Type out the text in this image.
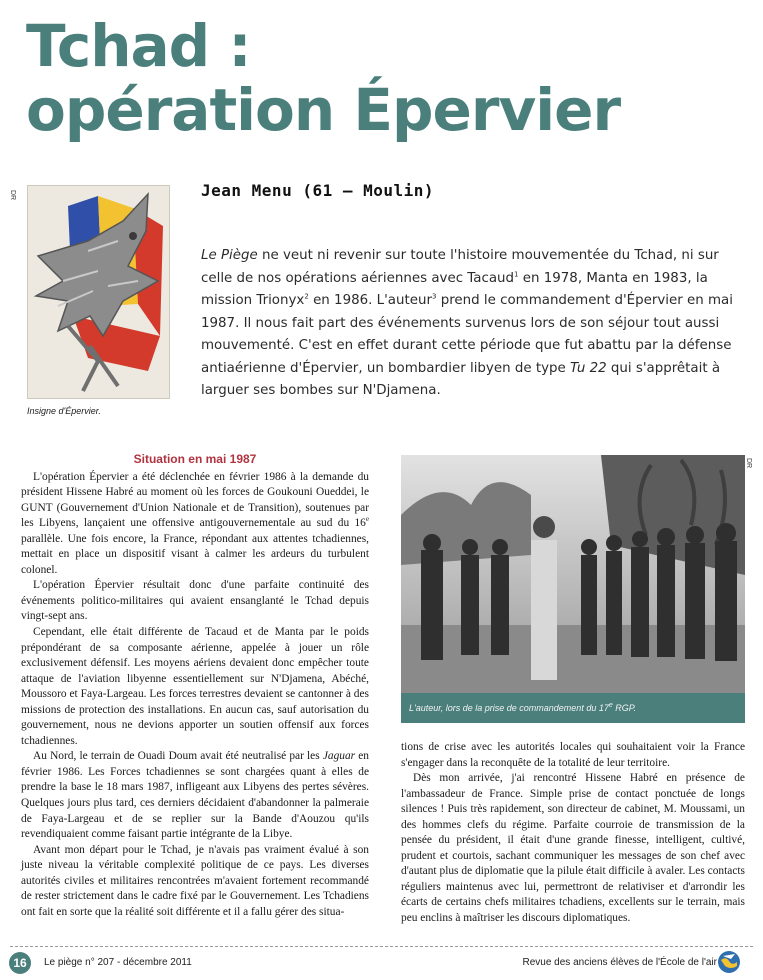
Tchad :
opération Épervier
DR
Insigne d'Épervier.
Jean Menu (61 – Moulin)

Le Piège ne veut ni revenir sur toute l'histoire mouvementée du Tchad, ni sur celle de nos opérations aériennes avec Tacaud$^1$ en 1978, Manta en 1983, la mission Trionyx$^2$ en 1986. L'auteur$^3$ prend le commandement d'Épervier en mai 1987. Il nous fait part des événements survenus lors de son séjour tout aussi mouvementé. C'est en effet durant cette période que fut abattu par la défense antiaérienne d'Épervier, un bombardier libyen de type Tu 22 qui s'apprêtait à larguer ses bombes sur N'Djamena.

Situation en mai 1987

L'opération Épervier a été déclenchée en février 1986 à la demande du président Hissene Habré au moment où les forces de Goukouni Oueddei, le GUNT (Gouvernement d'Union Nationale et de Transition), soutenues par les Libyens, lançaient une offensive antigouvernementale au sud du 16e parallèle. Une fois encore, la France, répondant aux attentes tchadiennes, mettait en place un dispositif visant à calmer les ardeurs du turbulent colonel.

L'opération Épervier résultait donc d'une parfaite continuité des événements politico-militaires qui avaient ensanglanté le Tchad depuis vingt-sept ans.

Cependant, elle était différente de Tacaud et de Manta par le poids prépondérant de sa composante aérienne, appelée à jouer un rôle exclusivement défensif. Les moyens aériens devaient donc empêcher toute attaque de l'aviation libyenne essentiellement sur N'Djamena, Abéché, Moussoro et Faya-Largeau. Les forces terrestres devaient se cantonner à des missions de protection des installations. En aucun cas, sauf autorisation du gouvernement, nous ne devions apporter un soutien offensif aux forces tchadiennes.

Au Nord, le terrain de Ouadi Doum avait été neutralisé par les Jaguar en février 1986. Les Forces tchadiennes se sont chargées quant à elles de prendre la base le 18 mars 1987, infligeant aux Libyens des pertes sévères. Quelques jours plus tard, ces derniers décidaient d'abandonner la palmeraie de Faya-Largeau et de se replier sur la Bande d'Aouzou qu'ils revendiquaient comme faisant partie intégrante de la Libye.

Avant mon départ pour le Tchad, je n'avais pas vraiment évalué à son juste niveau la véritable complexité politique de ce pays. Les diverses autorités civiles et militaires rencontrées m'avaient fortement recommandé de rester strictement dans le cadre fixé par le Gouvernement. Les Tchadiens ont fait en sorte que la réalité soit différente et il a fallu gérer des situa-

DR
L'auteur, lors de la prise de commandement du 17e RGP.

tions de crise avec les autorités locales qui souhaitaient voir la France s'engager dans la reconquête de la totalité de leur territoire.

Dès mon arrivée, j'ai rencontré Hissene Habré en présence de l'ambassadeur de France. Simple prise de contact ponctuée de longs silences ! Puis très rapidement, son directeur de cabinet, M. Moussami, un des hommes clefs du régime. Parfaite courroie de transmission de la pensée du président, il était d'une grande finesse, intelligent, cultivé, prudent et courtois, sachant communiquer les messages de son chef avec d'autant plus de diplomatie que la pilule était difficile à avaler. Les contacts réguliers maintenus avec lui, permettront de relativiser et d'arrondir les écarts de certains chefs militaires tchadiens, excellents sur le terrain, mais peu enclins à maîtriser les discours diplomatiques.

16	Le piège n° 207 - décembre 2011	Revue des anciens élèves de l'École de l'air
